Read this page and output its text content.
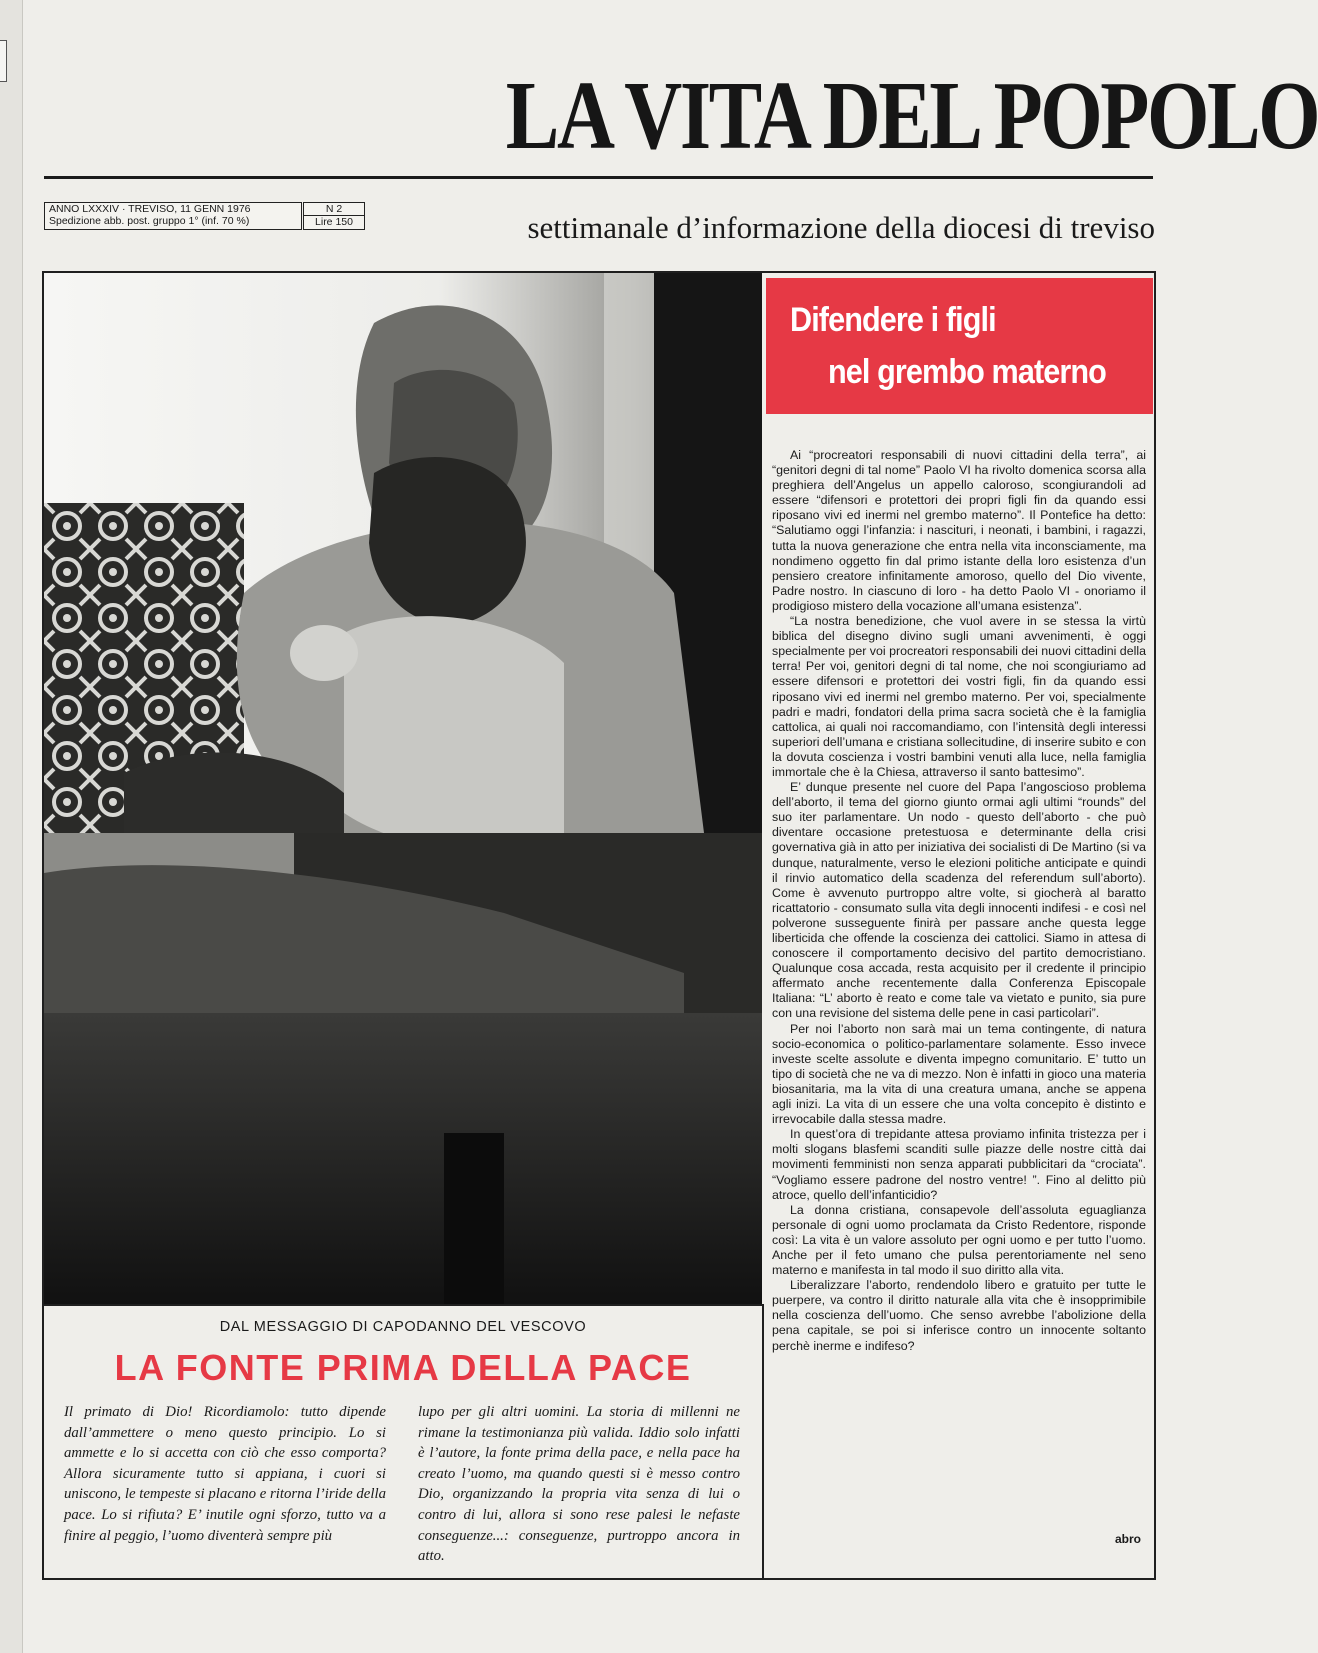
LA VITA DEL POPOLO
ANNO LXXXIV · TREVISO, 11 GENN 1976
Spedizione abb. post. gruppo 1° (inf. 70 %)
N 2
Lire 150	settimanale d’informazione della diocesi di treviso
Difendere i figli
nel grembo materno

Ai “procreatori responsabili di nuovi cittadini della terra”, ai “genitori degni di tal nome” Paolo VI ha rivolto domenica scorsa alla preghiera dell’Angelus un appello caloroso, scongiurandoli ad essere “difensori e protettori dei propri figli fin da quando essi riposano vivi ed inermi nel grembo materno”. Il Pontefice ha detto: “Salutiamo oggi l’infanzia: i nascituri, i neonati, i bambini, i ragazzi, tutta la nuova generazione che entra nella vita inconsciamente, ma nondimeno oggetto fin dal primo istante della loro esistenza d’un pensiero creatore infinitamente amoroso, quello del Dio vivente, Padre nostro. In ciascuno di loro - ha detto Paolo VI - onoriamo il prodigioso mistero della vocazione all’umana esistenza”.

“La nostra benedizione, che vuol avere in se stessa la virtù biblica del disegno divino sugli umani avvenimenti, è oggi specialmente per voi procreatori responsabili dei nuovi cittadini della terra! Per voi, genitori degni di tal nome, che noi scongiuriamo ad essere difensori e protettori dei vostri figli, fin da quando essi riposano vivi ed inermi nel grembo materno. Per voi, specialmente padri e madri, fondatori della prima sacra società che è la famiglia cattolica, ai quali noi raccomandiamo, con l’intensità degli interessi superiori dell’umana e cristiana sollecitudine, di inserire subito e con la dovuta coscienza i vostri bambini venuti alla luce, nella famiglia immortale che è la Chiesa, attraverso il santo battesimo”.

E’ dunque presente nel cuore del Papa l’angoscioso problema dell’aborto, il tema del giorno giunto ormai agli ultimi “rounds” del suo iter parlamentare. Un nodo - questo dell’aborto - che può diventare occasione pretestuosa e determinante della crisi governativa già in atto per iniziativa dei socialisti di De Martino (si va dunque, naturalmente, verso le elezioni politiche anticipate e quindi il rinvio automatico della scadenza del referendum sull’aborto). Come è avvenuto purtroppo altre volte, si giocherà al baratto ricattatorio - consumato sulla vita degli innocenti indifesi - e così nel polverone susseguente finirà per passare anche questa legge liberticida che offende la coscienza dei cattolici. Siamo in attesa di conoscere il comportamento decisivo del partito democristiano. Qualunque cosa accada, resta acquisito per il credente il principio affermato anche recentemente dalla Conferenza Episcopale Italiana: “L’ aborto è reato e come tale va vietato e punito, sia pure con una revisione del sistema delle pene in casi particolari”.

Per noi l’aborto non sarà mai un tema contingente, di natura socio-economica o politico-parlamentare solamente. Esso invece investe scelte assolute e diventa impegno comunitario. E’ tutto un tipo di società che ne va di mezzo. Non è infatti in gioco una materia biosanitaria, ma la vita di una creatura umana, anche se appena agli inizi. La vita di un essere che una volta concepito è distinto e irrevocabile dalla stessa madre.

In quest’ora di trepidante attesa proviamo infinita tristezza per i molti slogans blasfemi scanditi sulle piazze delle nostre città dai movimenti femministi non senza apparati pubblicitari da “crociata”. “Vogliamo essere padrone del nostro ventre! ”. Fino al delitto più atroce, quello dell’infanticidio?

La donna cristiana, consapevole dell’assoluta eguaglianza personale di ogni uomo proclamata da Cristo Redentore, risponde così: La vita è un valore assoluto per ogni uomo e per tutto l’uomo. Anche per il feto umano che pulsa perentoriamente nel seno materno e manifesta in tal modo il suo diritto alla vita.

Liberalizzare l’aborto, rendendolo libero e gratuito per tutte le puerpere, va contro il diritto naturale alla vita che è insopprimibile nella coscienza dell’uomo. Che senso avrebbe l’abolizione della pena capitale, se poi si inferisce contro un innocente soltanto perchè inerme e indifeso?

abro
DAL MESSAGGIO DI CAPODANNO DEL VESCOVO
LA FONTE PRIMA DELLA PACE
Il primato di Dio! Ricordiamolo: tutto dipende dall’ammettere o meno questo principio. Lo si ammette e lo si accetta con ciò che esso comporta? Allora sicuramente tutto si appiana, i cuori si uniscono, le tempeste si placano e ritorna l’iride della pace. Lo si rifiuta? E’ inutile ogni sforzo, tutto va a finire al peggio, l’uomo diventerà sempre più
lupo per gli altri uomini. La storia di millenni ne rimane la testimonianza più valida. Iddio solo infatti è l’autore, la fonte prima della pace, e nella pace ha creato l’uomo, ma quando questi si è messo contro Dio, organizzando la propria vita senza di lui o contro di lui, allora si sono rese palesi le nefaste conseguenze...: conseguenze, purtroppo ancora in atto.
